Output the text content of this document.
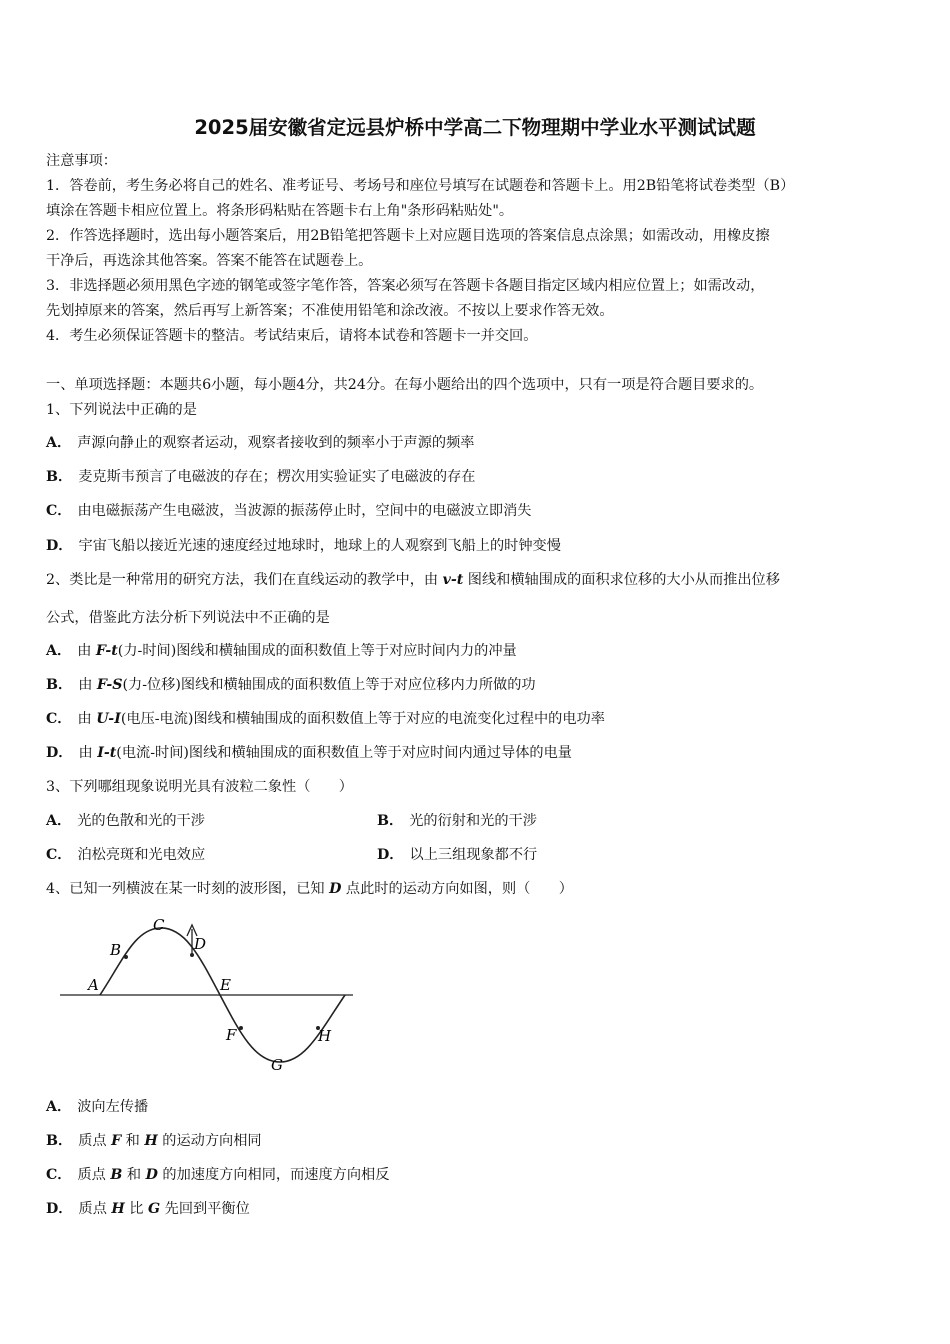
2025届安徽省定远县炉桥中学高二下物理期中学业水平测试试题
注意事项：
1．答卷前，考生务必将自己的姓名、准考证号、考场号和座位号填写在试题卷和答题卡上。用2B铅笔将试卷类型（B）
填涂在答题卡相应位置上。将条形码粘贴在答题卡右上角"条形码粘贴处"。
2．作答选择题时，选出每小题答案后，用2B铅笔把答题卡上对应题目选项的答案信息点涂黑；如需改动，用橡皮擦
干净后，再选涂其他答案。答案不能答在试题卷上。
3．非选择题必须用黑色字迹的钢笔或签字笔作答，答案必须写在答题卡各题目指定区域内相应位置上；如需改动，
先划掉原来的答案，然后再写上新答案；不准使用铅笔和涂改液。不按以上要求作答无效。
4．考生必须保证答题卡的整洁。考试结束后，请将本试卷和答题卡一并交回。
一、单项选择题：本题共6小题，每小题4分，共24分。在每小题给出的四个选项中，只有一项是符合题目要求的。
1、下列说法中正确的是
A． 声源向静止的观察者运动，观察者接收到的频率小于声源的频率
B． 麦克斯韦预言了电磁波的存在；楞次用实验证实了电磁波的存在
C． 由电磁振荡产生电磁波，当波源的振荡停止时，空间中的电磁波立即消失
D． 宇宙飞船以接近光速的速度经过地球时，地球上的人观察到飞船上的时钟变慢
2、类比是一种常用的研究方法，我们在直线运动的教学中，由 v-t 图线和横轴围成的面积求位移的大小从而推出位移
公式，借鉴此方法分析下列说法中不正确的是
A． 由 F-t(力-时间)图线和横轴围成的面积数值上等于对应时间内力的冲量
B． 由 F-S(力-位移)图线和横轴围成的面积数值上等于对应位移内力所做的功
C． 由 U-I(电压-电流)图线和横轴围成的面积数值上等于对应的电流变化过程中的电功率
D． 由 I-t(电流-时间)图线和横轴围成的面积数值上等于对应时间内通过导体的电量
3、下列哪组现象说明光具有波粒二象性（　　）
A． 光的色散和光的干涉	B． 光的衍射和光的干涉
C． 泊松亮斑和光电效应	D． 以上三组现象都不行
4、已知一列横波在某一时刻的波形图，已知 D 点此时的运动方向如图，则（　　）
A
B
C
D
E
F
G
H
A． 波向左传播
B． 质点 F 和 H 的运动方向相同
C． 质点 B 和 D 的加速度方向相同，而速度方向相反
D． 质点 H 比 G 先回到平衡位
